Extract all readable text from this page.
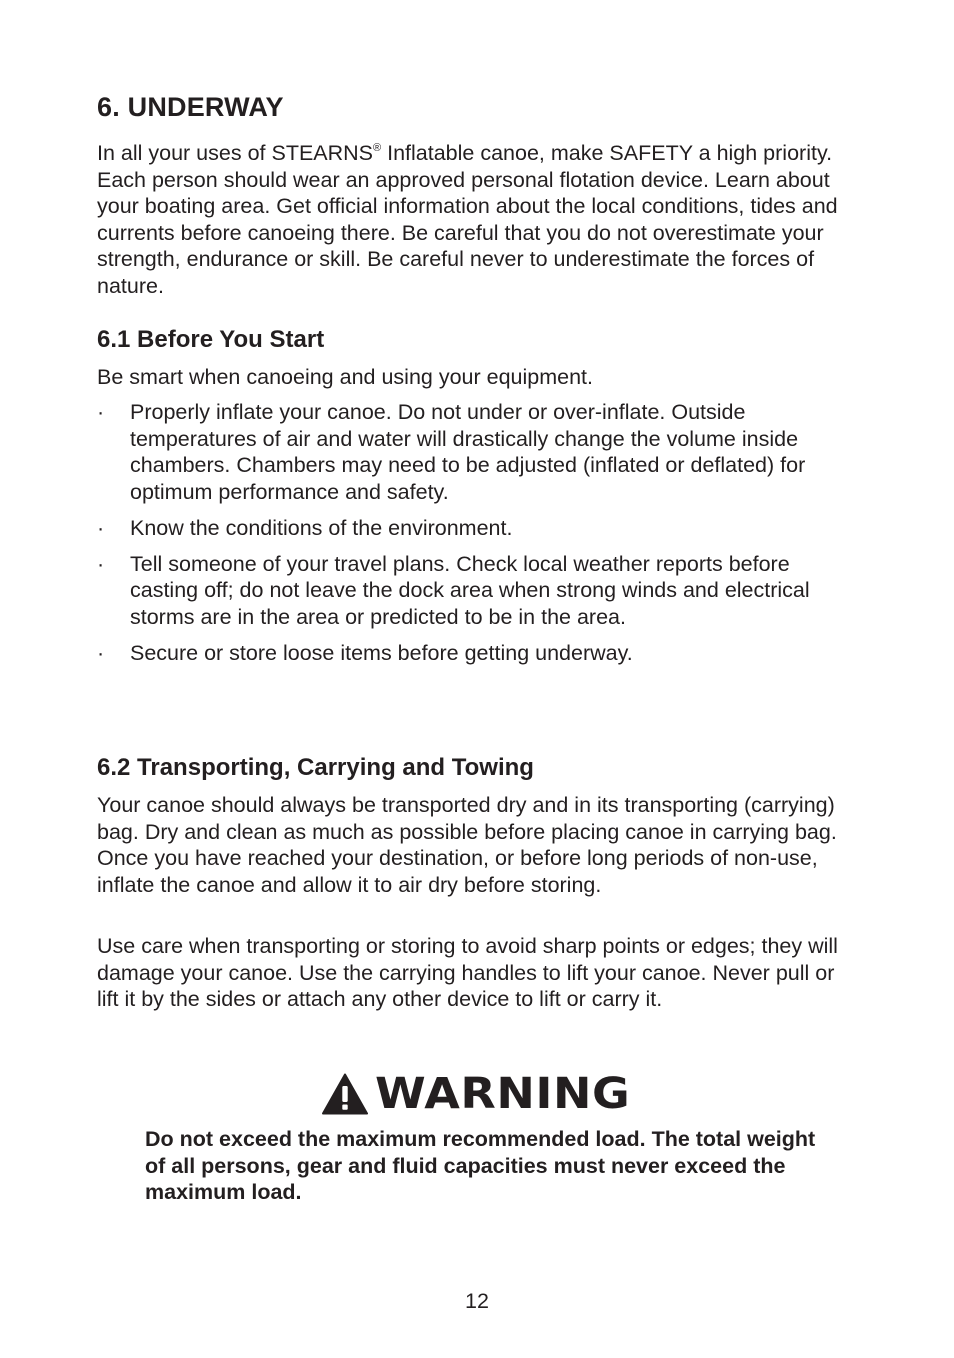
6. UNDERWAY

In all your uses of STEARNS® Inflatable canoe, make SAFETY a high priority. Each person should wear an approved personal flotation device. Learn about your boating area. Get official information about the local conditions, tides and currents before canoeing there. Be careful that you do not overestimate your strength, endurance or skill. Be careful never to underestimate the forces of nature.

6.1 Before You Start

Be smart when canoeing and using your equipment.

· Properly inflate your canoe. Do not under or over-inflate. Outside temperatures of air and water will drastically change the volume inside chambers. Chambers may need to be adjusted (inflated or deflated) for optimum performance and safety.
· Know the conditions of the environment.
· Tell someone of your travel plans. Check local weather reports before casting off; do not leave the dock area when strong winds and electrical storms are in the area or predicted to be in the area.
· Secure or store loose items before getting underway.
6.2 Transporting, Carrying and Towing

Your canoe should always be transported dry and in its transporting (carrying) bag. Dry and clean as much as possible before placing canoe in carrying bag. Once you have reached your destination, or before long periods of non-use, inflate the canoe and allow it to air dry before storing.

Use care when transporting or storing to avoid sharp points or edges; they will damage your canoe. Use the carrying handles to lift your canoe. Never pull or lift it by the sides or attach any other device to lift or carry it.

WARNING

Do not exceed the maximum recommended load. The total weight of all persons, gear and fluid capacities must never exceed the maximum load.

12
